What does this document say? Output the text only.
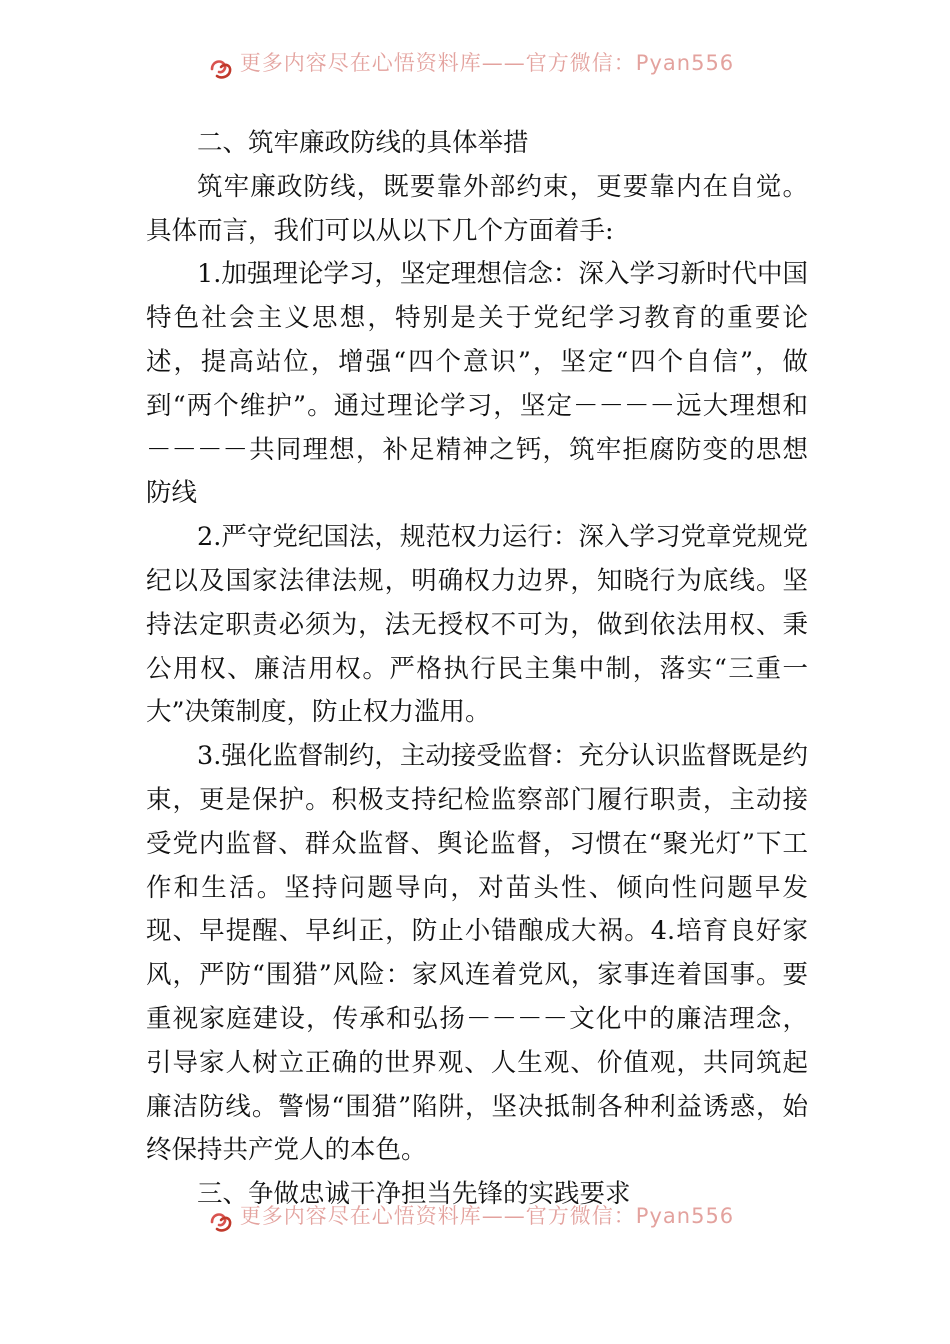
更多内容尽在心悟资料库——官方微信：Pyan556

二、筑牢廉政防线的具体举措

筑牢廉政防线，既要靠外部约束，更要靠内在自觉。具体而言，我们可以从以下几个方面着手:

1.加强理论学习，坚定理想信念：深入学习新时代中国特色社会主义思想，特别是关于党纪学习教育的重要论述，提高站位，增强“四个意识”，坚定“四个自信”，做到“两个维护”。通过理论学习，坚定－－－－远大理想和－－－－共同理想，补足精神之钙，筑牢拒腐防变的思想防线

2.严守党纪国法，规范权力运行：深入学习党章党规党纪以及国家法律法规，明确权力边界，知晓行为底线。坚持法定职责必须为，法无授权不可为，做到依法用权、秉公用权、廉洁用权。严格执行民主集中制，落实“三重一大”决策制度，防止权力滥用。

3.强化监督制约，主动接受监督：充分认识监督既是约束，更是保护。积极支持纪检监察部门履行职责，主动接受党内监督、群众监督、舆论监督，习惯在“聚光灯”下工作和生活。坚持问题导向，对苗头性、倾向性问题早发现、早提醒、早纠正，防止小错酿成大祸。4.培育良好家风，严防“围猎”风险：家风连着党风，家事连着国事。要重视家庭建设，传承和弘扬－－－－文化中的廉洁理念，引导家人树立正确的世界观、人生观、价值观，共同筑起廉洁防线。警惕“围猎”陷阱，坚决抵制各种利益诱惑，始终保持共产党人的本色。

三、争做忠诚干净担当先锋的实践要求

更多内容尽在心悟资料库——官方微信：Pyan556
